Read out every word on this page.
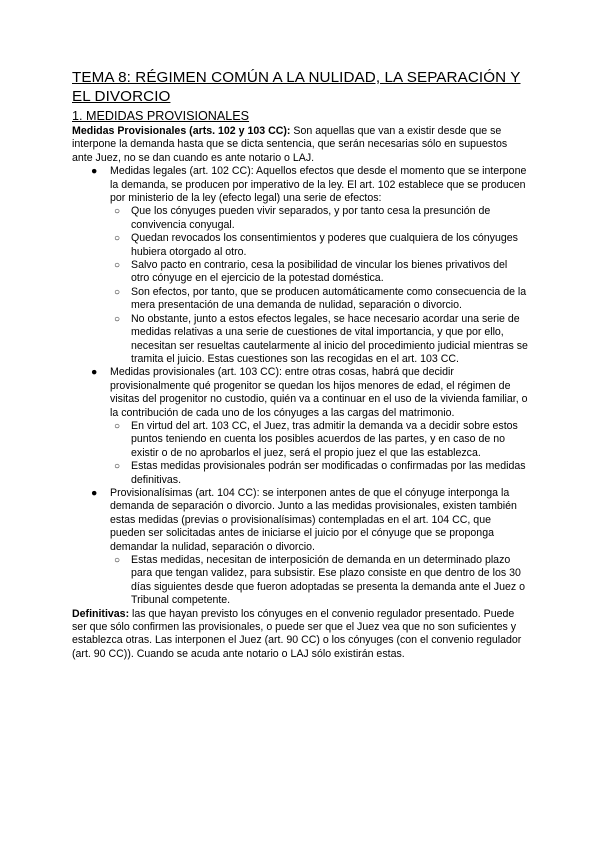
TEMA 8: RÉGIMEN COMÚN A LA NULIDAD, LA SEPARACIÓN Y EL DIVORCIO
1. MEDIDAS PROVISIONALES

Medidas Provisionales (arts. 102 y 103 CC): Son aquellas que van a existir desde que se interpone la demanda hasta que se dicta sentencia, que serán necesarias sólo en supuestos ante Juez, no se dan cuando es ante notario o LAJ.

● Medidas legales (art. 102 CC): Aquellos efectos que desde el momento que se interpone la demanda, se producen por imperativo de la ley. El art. 102 establece que se producen por ministerio de la ley (efecto legal) una serie de efectos:
○ Que los cónyuges pueden vivir separados, y por tanto cesa la presunción de convivencia conyugal.
○ Quedan revocados los consentimientos y poderes que cualquiera de los cónyuges hubiera otorgado al otro.
○ Salvo pacto en contrario, cesa la posibilidad de vincular los bienes privativos del otro cónyuge en el ejercicio de la potestad doméstica.
○ Son efectos, por tanto, que se producen automáticamente como consecuencia de la mera presentación de una demanda de nulidad, separación o divorcio.
○ No obstante, junto a estos efectos legales, se hace necesario acordar una serie de medidas relativas a una serie de cuestiones de vital importancia, y que por ello, necesitan ser resueltas cautelarmente al inicio del procedimiento judicial mientras se tramita el juicio. Estas cuestiones son las recogidas en el art. 103 CC.
● Medidas provisionales (art. 103 CC): entre otras cosas, habrá que decidir provisionalmente qué progenitor se quedan los hijos menores de edad, el régimen de visitas del progenitor no custodio, quién va a continuar en el uso de la vivienda familiar, o la contribución de cada uno de los cónyuges a las cargas del matrimonio.
○ En virtud del art. 103 CC, el Juez, tras admitir la demanda va a decidir sobre estos puntos teniendo en cuenta los posibles acuerdos de las partes, y en caso de no existir o de no aprobarlos el juez, será el propio juez el que las establezca.
○ Estas medidas provisionales podrán ser modificadas o confirmadas por las medidas definitivas.
● Provisionalísimas (art. 104 CC): se interponen antes de que el cónyuge interponga la demanda de separación o divorcio. Junto a las medidas provisionales, existen también estas medidas (previas o provisionalísimas) contempladas en el art. 104 CC, que pueden ser solicitadas antes de iniciarse el juicio por el cónyuge que se proponga demandar la nulidad, separación o divorcio.
○ Estas medidas, necesitan de interposición de demanda en un determinado plazo para que tengan validez, para subsistir. Ese plazo consiste en que dentro de los 30 días siguientes desde que fueron adoptadas se presenta la demanda ante el Juez o Tribunal competente.

Definitivas: las que hayan previsto los cónyuges en el convenio regulador presentado. Puede ser que sólo confirmen las provisionales, o puede ser que el Juez vea que no son suficientes y establezca otras. Las interponen el Juez (art. 90 CC) o los cónyuges (con el convenio regulador (art. 90 CC)). Cuando se acuda ante notario o LAJ sólo existirán estas.
